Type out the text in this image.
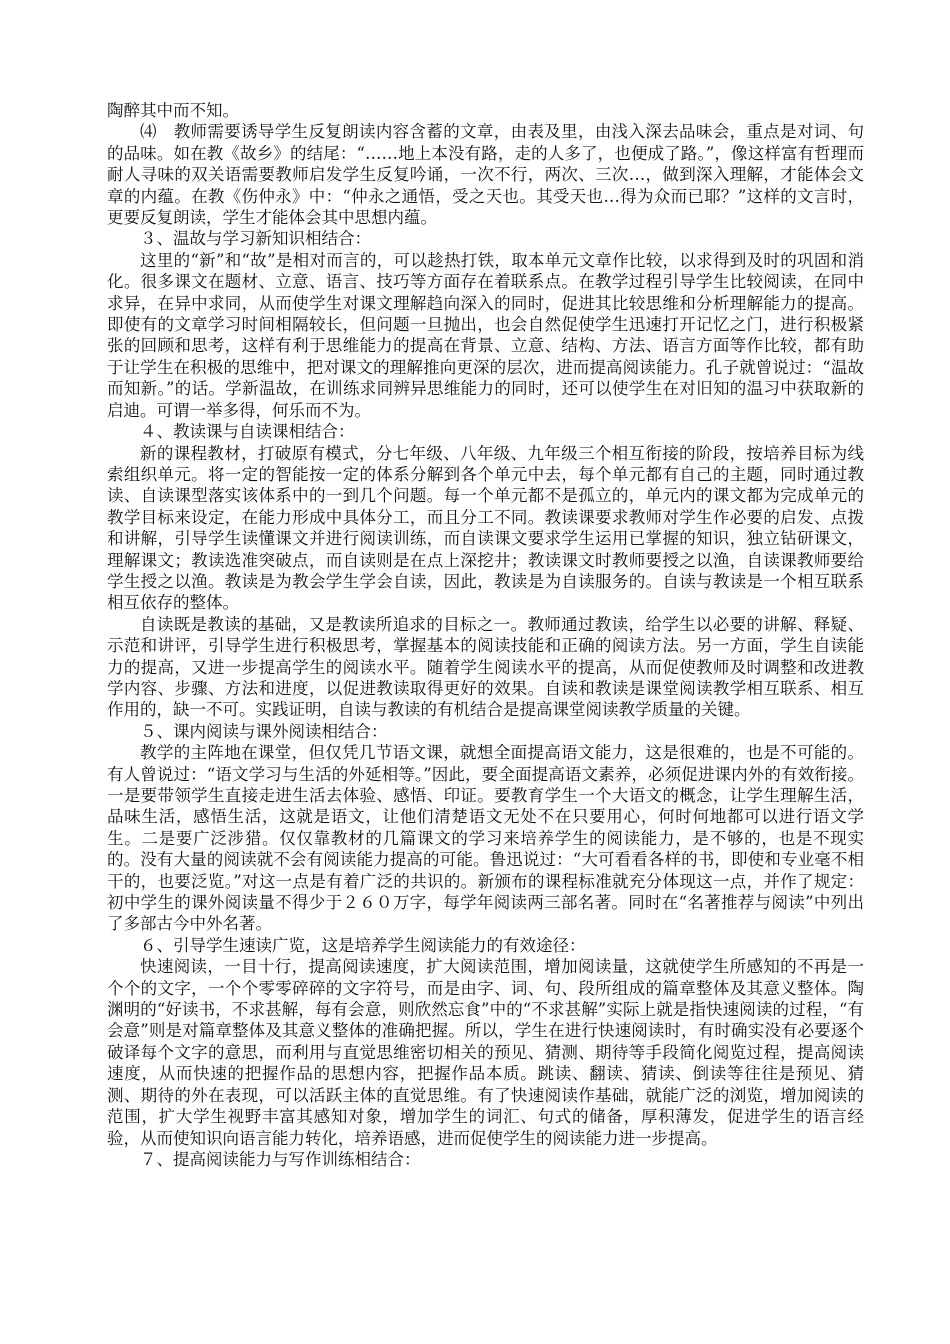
陶醉其中而不知。

⑷　教师需要诱导学生反复朗读内容含蓄的文章，由表及里，由浅入深去品味会，重点是对词、句的品味。如在教《故乡》的结尾：“……地上本没有路，走的人多了，也便成了路。”，像这样富有哲理而耐人寻味的双关语需要教师启发学生反复吟诵，一次不行，两次、三次…，做到深入理解，才能体会文章的内蕴。在教《伤仲永》中：“仲永之通悟，受之天也。其受天也…得为众而已耶？”这样的文言时，更要反复朗读，学生才能体会其中思想内蕴。

３、温故与学习新知识相结合：

这里的“新”和“故”是相对而言的，可以趁热打铁，取本单元文章作比较，以求得到及时的巩固和消化。很多课文在题材、立意、语言、技巧等方面存在着联系点。在教学过程引导学生比较阅读，在同中求异，在异中求同，从而使学生对课文理解趋向深入的同时，促进其比较思维和分析理解能力的提高。即使有的文章学习时间相隔较长，但问题一旦抛出，也会自然促使学生迅速打开记忆之门，进行积极紧张的回顾和思考，这样有利于思维能力的提高在背景、立意、结构、方法、语言方面等作比较，都有助于让学生在积极的思维中，把对课文的理解推向更深的层次，进而提高阅读能力。孔子就曾说过：“温故而知新。”的话。学新温故，在训练求同辨异思维能力的同时，还可以使学生在对旧知的温习中获取新的启迪。可谓一举多得，何乐而不为。

４、教读课与自读课相结合：

新的课程教材，打破原有模式，分七年级、八年级、九年级三个相互衔接的阶段，按培养目标为线索组织单元。将一定的智能按一定的体系分解到各个单元中去，每个单元都有自己的主题，同时通过教读、自读课型落实该体系中的一到几个问题。每一个单元都不是孤立的，单元内的课文都为完成单元的教学目标来设定，在能力形成中具体分工，而且分工不同。教读课要求教师对学生作必要的启发、点拨和讲解，引导学生读懂课文并进行阅读训练，而自读课文要求学生运用已掌握的知识，独立钻研课文，理解课文；教读选准突破点，而自读则是在点上深挖井；教读课文时教师要授之以渔，自读课教师要给学生授之以渔。教读是为教会学生学会自读，因此，教读是为自读服务的。自读与教读是一个相互联系相互依存的整体。

自读既是教读的基础，又是教读所追求的目标之一。教师通过教读，给学生以必要的讲解、释疑、示范和讲评，引导学生进行积极思考，掌握基本的阅读技能和正确的阅读方法。另一方面，学生自读能力的提高，又进一步提高学生的阅读水平。随着学生阅读水平的提高，从而促使教师及时调整和改进教学内容、步骤、方法和进度，以促进教读取得更好的效果。自读和教读是课堂阅读教学相互联系、相互作用的，缺一不可。实践证明，自读与教读的有机结合是提高课堂阅读教学质量的关键。

５、课内阅读与课外阅读相结合：

教学的主阵地在课堂，但仅凭几节语文课，就想全面提高语文能力，这是很难的，也是不可能的。有人曾说过：“语文学习与生活的外延相等。”因此，要全面提高语文素养，必须促进课内外的有效衔接。一是要带领学生直接走进生活去体验、感悟、印证。要教育学生一个大语文的概念，让学生理解生活，品味生活，感悟生活，这就是语文，让他们清楚语文无处不在只要用心，何时何地都可以进行语文学生。二是要广泛涉猎。仅仅靠教材的几篇课文的学习来培养学生的阅读能力，是不够的，也是不现实的。没有大量的阅读就不会有阅读能力提高的可能。鲁迅说过：“大可看看各样的书，即使和专业毫不相干的，也要泛览。”对这一点是有着广泛的共识的。新颁布的课程标准就充分体现这一点，并作了规定：初中学生的课外阅读量不得少于２６０万字，每学年阅读两三部名著。同时在“名著推荐与阅读”中列出了多部古今中外名著。

６、引导学生速读广览，这是培养学生阅读能力的有效途径：

快速阅读，一目十行，提高阅读速度，扩大阅读范围，增加阅读量，这就使学生所感知的不再是一个个的文字，一个个零零碎碎的文字符号，而是由字、词、句、段所组成的篇章整体及其意义整体。陶渊明的“好读书，不求甚解，每有会意，则欣然忘食”中的“不求甚解”实际上就是指快速阅读的过程，“有会意”则是对篇章整体及其意义整体的准确把握。所以，学生在进行快速阅读时，有时确实没有必要逐个破译每个文字的意思，而利用与直觉思维密切相关的预见、猜测、期待等手段简化阅览过程，提高阅读速度，从而快速的把握作品的思想内容，把握作品本质。跳读、翻读、猜读、倒读等往往是预见、猜测、期待的外在表现，可以活跃主体的直觉思维。有了快速阅读作基础，就能广泛的浏览，增加阅读的范围，扩大学生视野丰富其感知对象，增加学生的词汇、句式的储备，厚积薄发，促进学生的语言经验，从而使知识向语言能力转化，培养语感，进而促使学生的阅读能力进一步提高。

７、提高阅读能力与写作训练相结合：
